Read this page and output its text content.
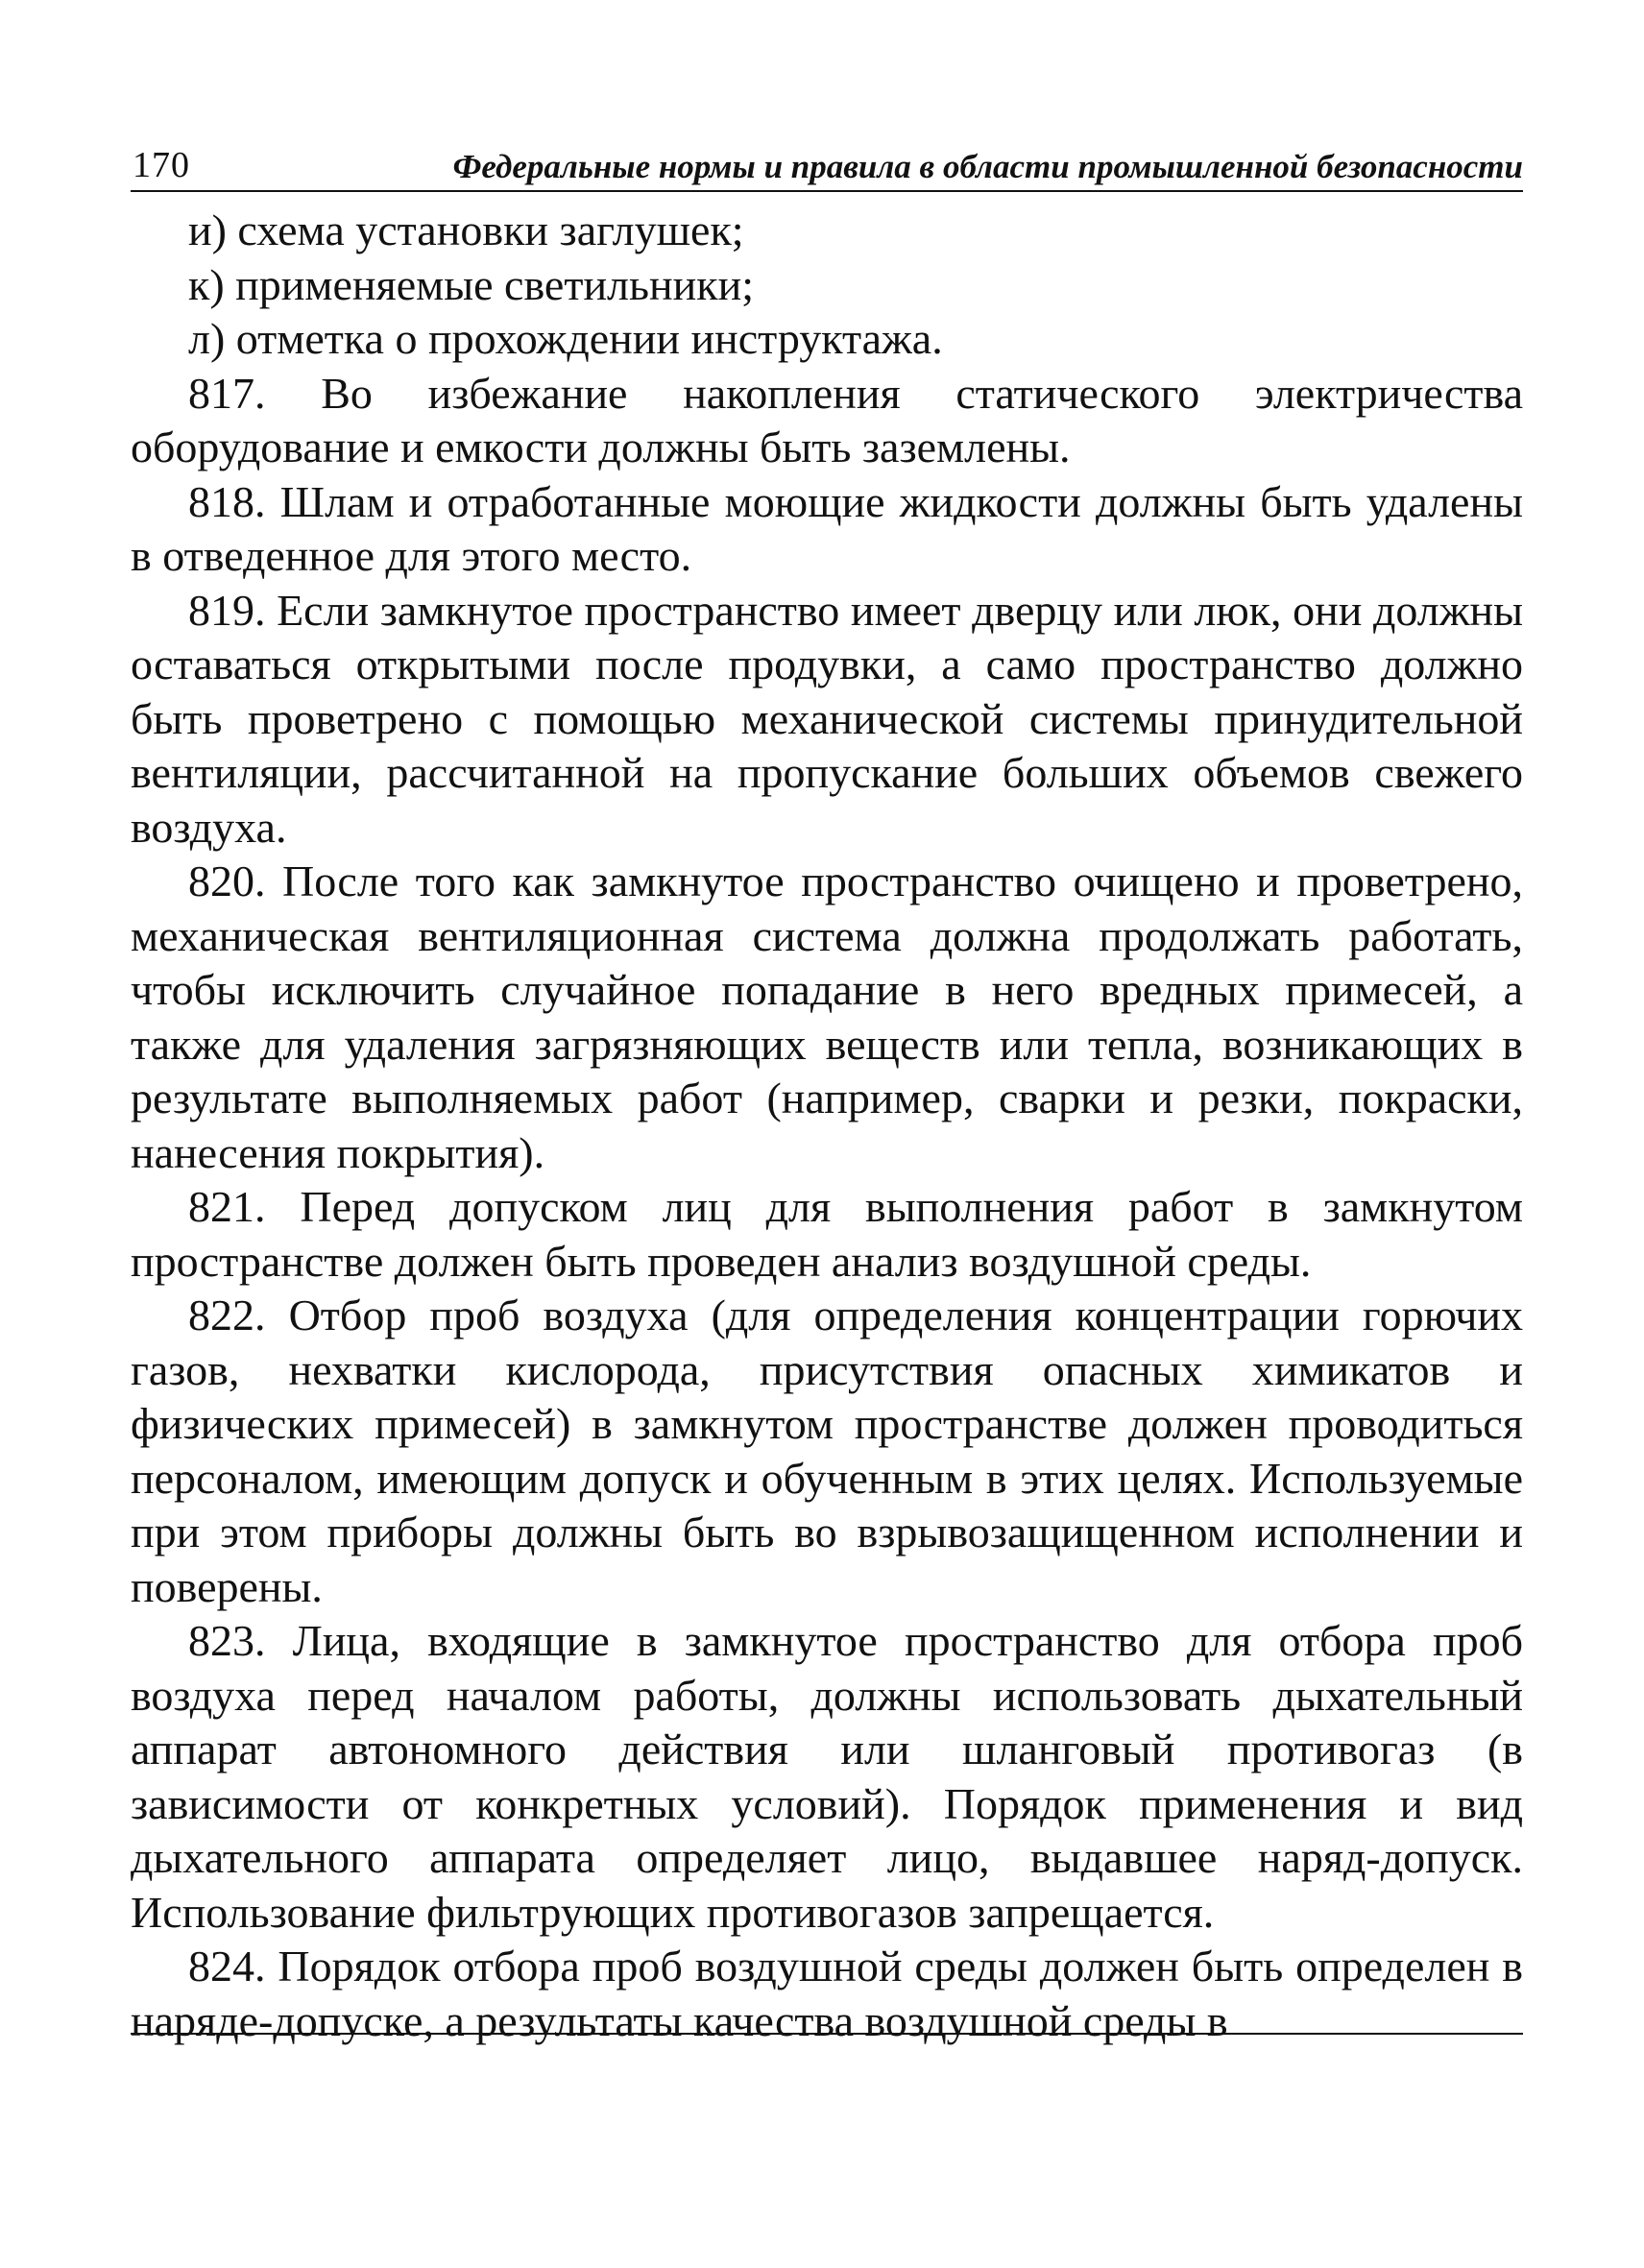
170	Федеральные нормы и правила в области промышленной безопасности

и) схема установки заглушек;

к) применяемые светильники;

л) отметка о прохождении инструктажа.

817. Во избежание накопления статического электричества оборудование и емкости должны быть заземлены.

818. Шлам и отработанные моющие жидкости должны быть удалены в отведенное для этого место.

819. Если замкнутое пространство имеет дверцу или люк, они должны оставаться открытыми после продувки, а само пространство должно быть проветрено с помощью механической системы принудительной вентиляции, рассчитанной на пропускание больших объемов свежего воздуха.

820. После того как замкнутое пространство очищено и проветрено, механическая вентиляционная система должна продолжать работать, чтобы исключить случайное попадание в него вредных примесей, а также для удаления загрязняющих веществ или тепла, возникающих в результате выполняемых работ (например, сварки и резки, покраски, нанесения покрытия).

821. Перед допуском лиц для выполнения работ в замкнутом пространстве должен быть проведен анализ воздушной среды.

822. Отбор проб воздуха (для определения концентрации горючих газов, нехватки кислорода, присутствия опасных химикатов и физических примесей) в замкнутом пространстве должен проводиться персоналом, имеющим допуск и обученным в этих целях. Используемые при этом приборы должны быть во взрывозащищенном исполнении и поверены.

823. Лица, входящие в замкнутое пространство для отбора проб воздуха перед началом работы, должны использовать дыхательный аппарат автономного действия или шланговый противогаз (в зависимости от конкретных условий). Порядок применения и вид дыхательного аппарата определяет лицо, выдавшее наряд-допуск. Использование фильтрующих противогазов запрещается.

824. Порядок отбора проб воздушной среды должен быть определен в наряде-допуске, а результаты качества воздушной среды в
